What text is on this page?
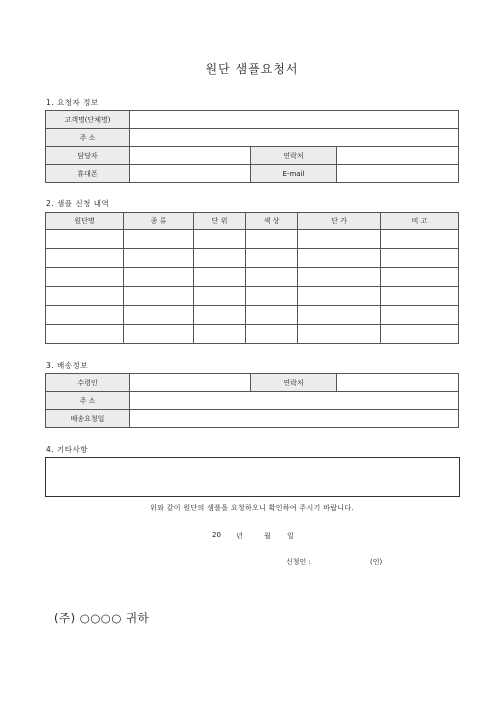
원단 샘플요청서
1. 요청자 정보
고객명(단체명)			
주 소			
담당자		연락처	
휴대폰		E-mail	
2. 샘플 신청 내역
원단명	종 류	단 위	색 상	단 가	비 고

3. 배송정보
수령인		연락처	
주 소			
배송요청일			
4. 기타사항
위와 같이 원단의 샘플을 요청하오니 확인하여 주시기 바랍니다.
20 년	월 일
신청인 :	(인)
(주) ○○○○ 귀하
